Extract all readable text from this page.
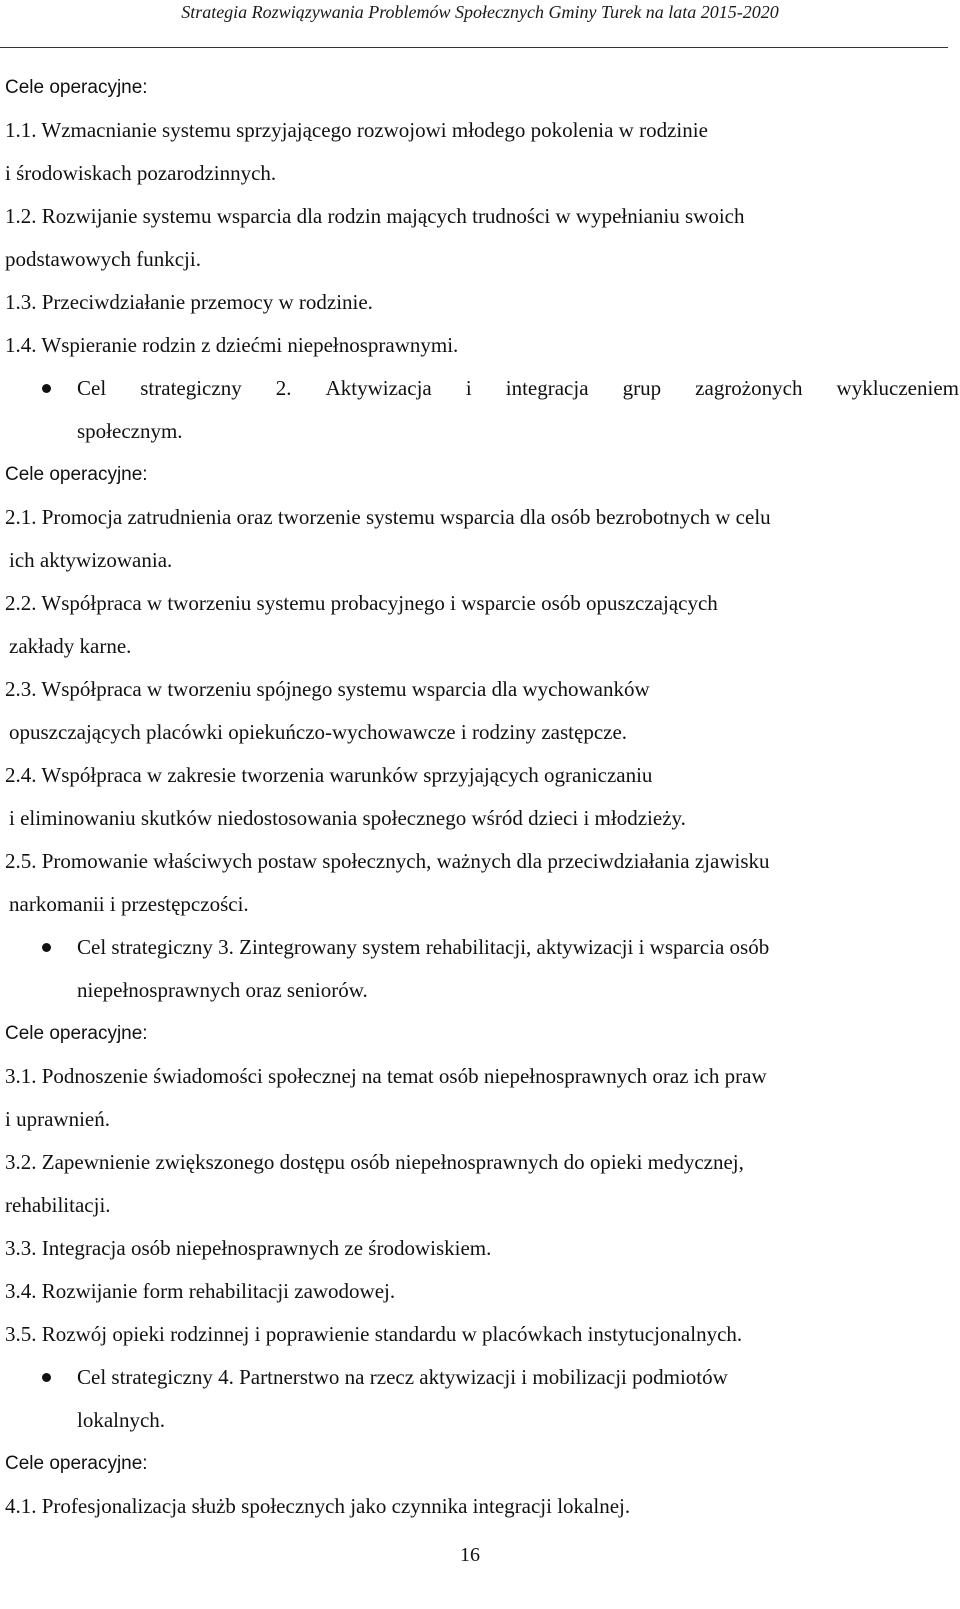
Strategia Rozwiązywania Problemów Społecznych Gminy Turek na lata 2015-2020
Cele operacyjne:
1.1. Wzmacnianie systemu sprzyjającego rozwojowi młodego pokolenia w rodzinie
i środowiskach pozarodzinnych.
1.2. Rozwijanie systemu wsparcia dla rodzin mających trudności w wypełnianiu swoich
podstawowych funkcji.
1.3. Przeciwdziałanie przemocy w rodzinie.
1.4. Wspieranie rodzin z dziećmi niepełnosprawnymi.
Cel strategiczny 2. Aktywizacja i integracja grup zagrożonych wykluczeniem
społecznym.
Cele operacyjne:
2.1. Promocja zatrudnienia oraz tworzenie systemu wsparcia dla osób bezrobotnych w celu
ich aktywizowania.
2.2. Współpraca w tworzeniu systemu probacyjnego i wsparcie osób opuszczających
zakłady karne.
2.3. Współpraca w tworzeniu spójnego systemu wsparcia dla wychowanków
opuszczających placówki opiekuńczo-wychowawcze i rodziny zastępcze.
2.4. Współpraca w zakresie tworzenia warunków sprzyjających ograniczaniu
i eliminowaniu skutków niedostosowania społecznego wśród dzieci i młodzieży.
2.5. Promowanie właściwych postaw społecznych, ważnych dla przeciwdziałania zjawisku
narkomanii i przestępczości.
Cel strategiczny 3. Zintegrowany system rehabilitacji, aktywizacji i wsparcia osób
niepełnosprawnych oraz seniorów.
Cele operacyjne:
3.1. Podnoszenie świadomości społecznej na temat osób niepełnosprawnych oraz ich praw
i uprawnień.
3.2. Zapewnienie zwiększonego dostępu osób niepełnosprawnych do opieki medycznej,
rehabilitacji.
3.3. Integracja osób niepełnosprawnych ze środowiskiem.
3.4. Rozwijanie form rehabilitacji zawodowej.
3.5. Rozwój opieki rodzinnej i poprawienie standardu w placówkach instytucjonalnych.
Cel strategiczny 4. Partnerstwo na rzecz aktywizacji i mobilizacji podmiotów
lokalnych.
Cele operacyjne:
4.1. Profesjonalizacja służb społecznych jako czynnika integracji lokalnej.
16
